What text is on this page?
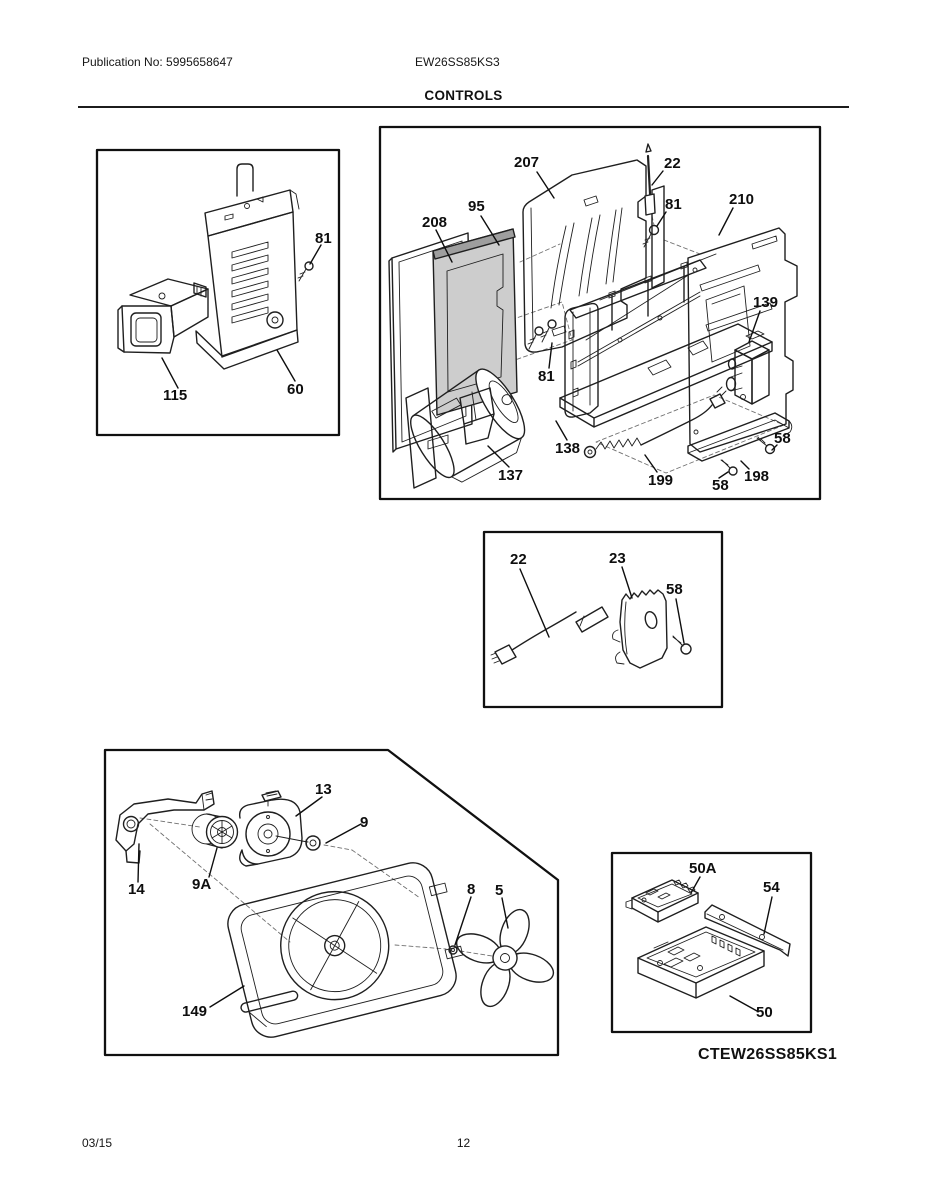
Publication No: 5995658647	EW26SS85KS3
CONTROLS
81
115	60
207	22
81	210
208
95
139
81
138
137	199
58
58
198
22	23
58
14	9A
13
9
8 5
149
50A
54
50
CTEW26SS85KS1
03/15	12
